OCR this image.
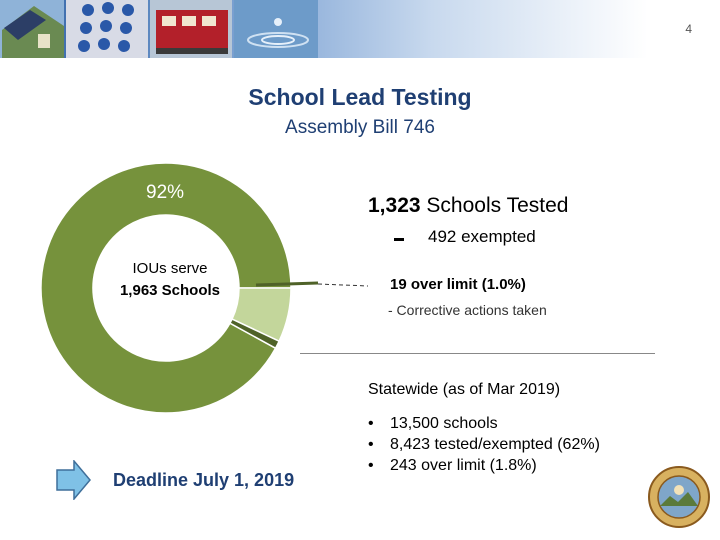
4
School Lead Testing
Assembly Bill 746
92%
IOUs serve
1,963 Schools
1,323 Schools Tested
492 exempted
19 over limit (1.0%)
- Corrective actions taken
Statewide (as of Mar 2019)
• 13,500 schools
• 8,423 tested/exempted (62%)
• 243 over limit (1.8%)
Deadline July 1, 2019
